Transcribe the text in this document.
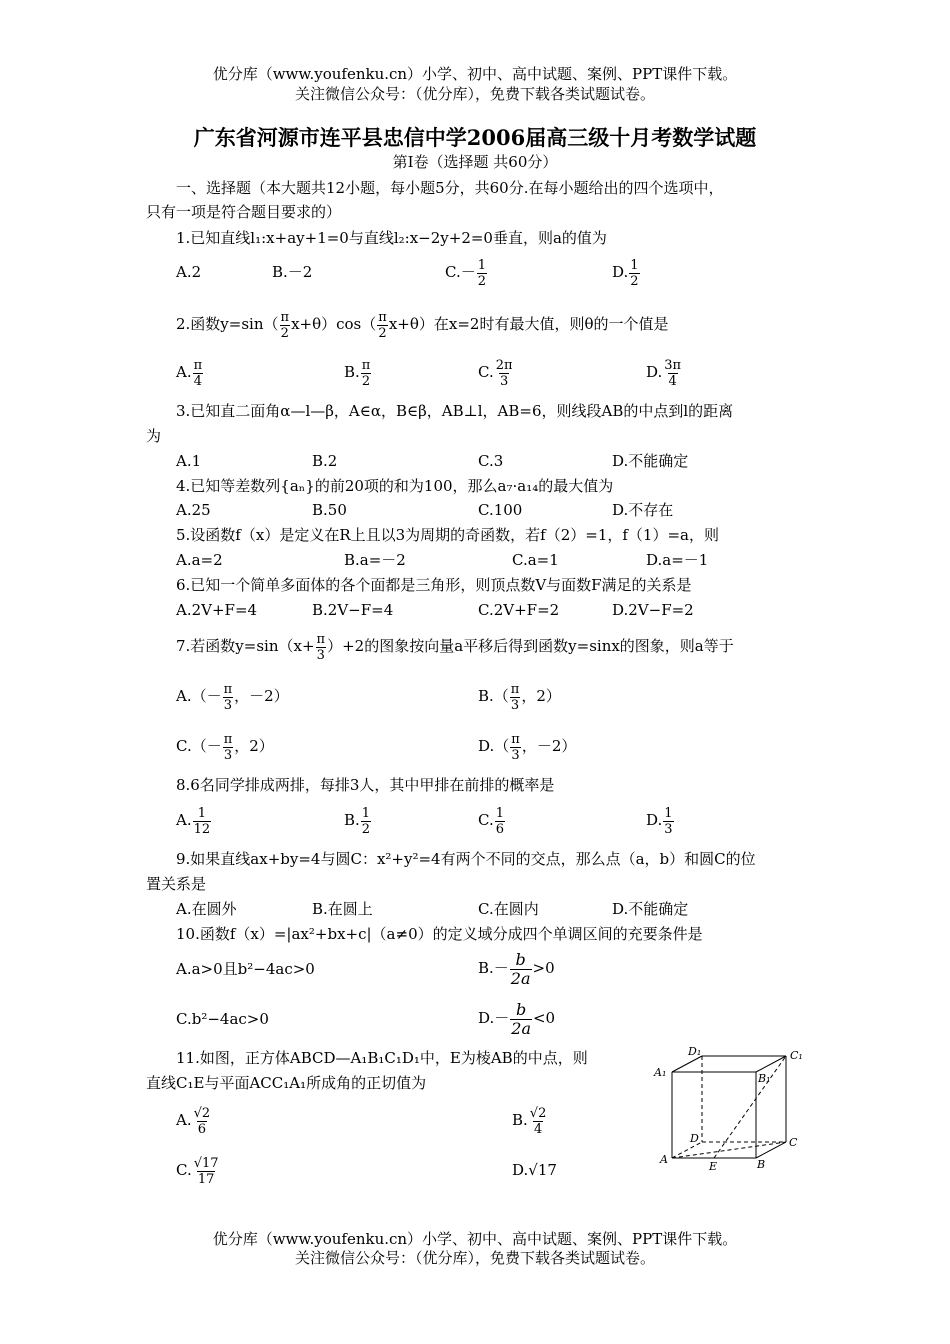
优分库（www.youfenku.cn）小学、初中、高中试题、案例、PPT课件下载。
关注微信公众号：（优分库），免费下载各类试题试卷。
广东省河源市连平县忠信中学2006届高三级十月考数学试题
第Ⅰ卷（选择题 共60分）
一、选择题（本大题共12小题，每小题5分，共60分.在每小题给出的四个选项中，
只有一项是符合题目要求的）
1.已知直线l₁:x+ay+1=0与直线l₂:x−2y+2=0垂直，则a的值为
A.2	B.－2	$C.- \frac{1}{2}$	D. $\frac{1}{2}$
2.函数$y=\sin( \frac{\pi}{2} x+\theta)\cos( \frac{\pi}{2} x+\theta)$在x=2时有最大值，则θ的一个值是
A. $\frac{\pi}{4}$	B. $\frac{\pi}{2}$	C. $\frac{2\pi}{3}$	D. $\frac{3\pi}{4}$
3.已知直二面角α—l—β，A∈α，B∈β，AB⊥l，AB=6，则线段AB的中点到l的距离
为
A.1	B.2	C.3	D.不能确定
4.已知等差数列{aₙ}的前20项的和为100，那么a₇·a₁₄的最大值为
A.25	B.50	C.100	D.不存在
5.设函数f（x）是定义在R上且以3为周期的奇函数，若f（2）=1，f（1）=a，则
A.a=2	B.a=－2	C.a=1	D.a=－1
6.已知一个简单多面体的各个面都是三角形，则顶点数V与面数F满足的关系是
A.2V+F=4	B.2V−F=4	C.2V+F=2	D.2V−F=2
7.若函数$y=\sin(x+ \frac{\pi}{3} )+2$的图象按向量a平移后得到函数y=sinx的图象，则a等于
$A.(- \frac{\pi}{3}$ ，－2）	$B.( \frac{\pi}{3}$ ，2）
$C.(- \frac{\pi}{3}$ ，2）	$D.( \frac{\pi}{3}$ ，－2）
8.6名同学排成两排，每排3人，其中甲排在前排的概率是
A. $\frac{1}{12}$	B. $\frac{1}{2}$	C. $\frac{1}{6}$	D. $\frac{1}{3}$
9.如果直线ax+by=4与圆C：x²+y²=4有两个不同的交点，那么点（a，b）和圆C的位
置关系是
A.在圆外	B.在圆上	C.在圆内	D.不能确定
10.函数f（x）=|ax²+bx+c|（a≠0）的定义域分成四个单调区间的充要条件是
A.a>0且b²−4ac>0	$B.- \frac{b}{2a} >0$
C.b²−4ac>0	$D.- \frac{b}{2a} <0$
11.如图，正方体ABCD—A₁B₁C₁D₁中，E为棱AB的中点，则
直线C₁E与平面ACC₁A₁所成角的正切值为
A. $\frac{√2}{6}$	B. $\frac{√2}{4}$
C. $\frac{√17}{17}$	D.√17
D₁	C₁
A₁	B₁
D	C
A
E	B
优分库（www.youfenku.cn）小学、初中、高中试题、案例、PPT课件下载。
关注微信公众号：（优分库），免费下载各类试题试卷。
